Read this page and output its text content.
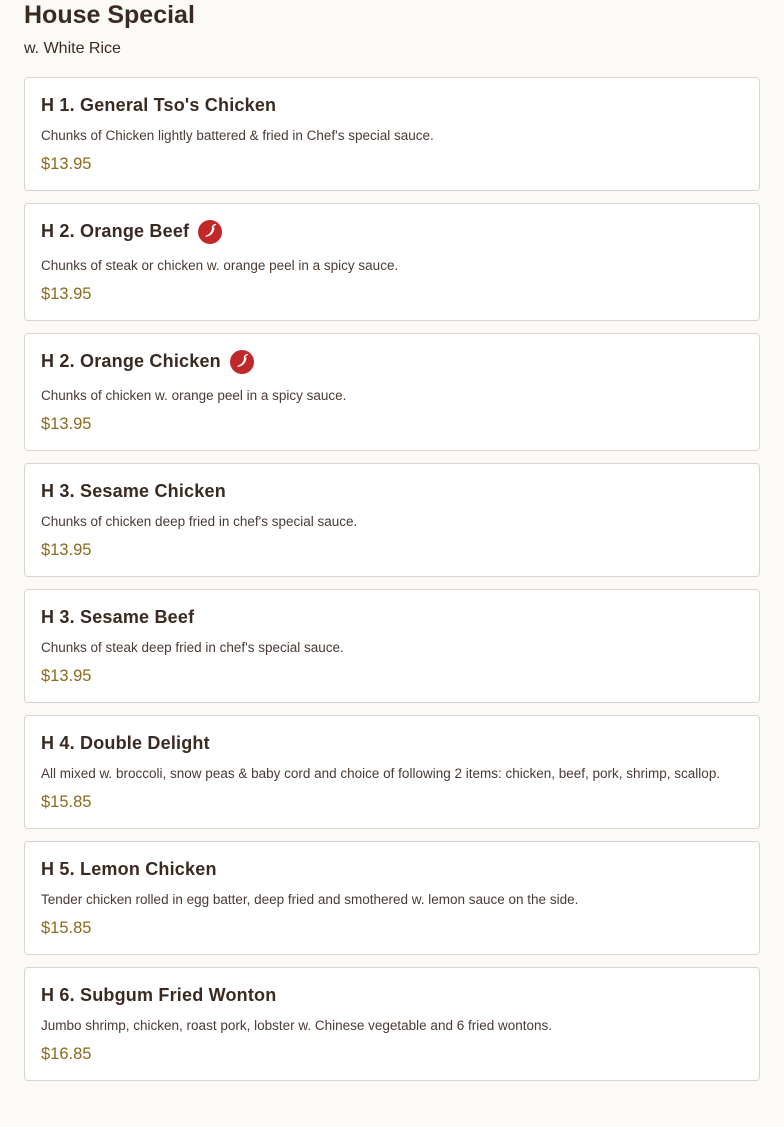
House Special

w. White Rice

H 1. General Tso's Chicken
Chunks of Chicken lightly battered & fried in Chef's special sauce.
$13.95
H 2. Orange Beef
Chunks of steak or chicken w. orange peel in a spicy sauce.
$13.95
H 2. Orange Chicken
Chunks of chicken w. orange peel in a spicy sauce.
$13.95
H 3. Sesame Chicken
Chunks of chicken deep fried in chef's special sauce.
$13.95
H 3. Sesame Beef
Chunks of steak deep fried in chef's special sauce.
$13.95
H 4. Double Delight
All mixed w. broccoli, snow peas & baby cord and choice of following 2 items: chicken, beef, pork, shrimp, scallop.
$15.85
H 5. Lemon Chicken
Tender chicken rolled in egg batter, deep fried and smothered w. lemon sauce on the side.
$15.85
H 6. Subgum Fried Wonton
Jumbo shrimp, chicken, roast pork, lobster w. Chinese vegetable and 6 fried wontons.
$16.85
